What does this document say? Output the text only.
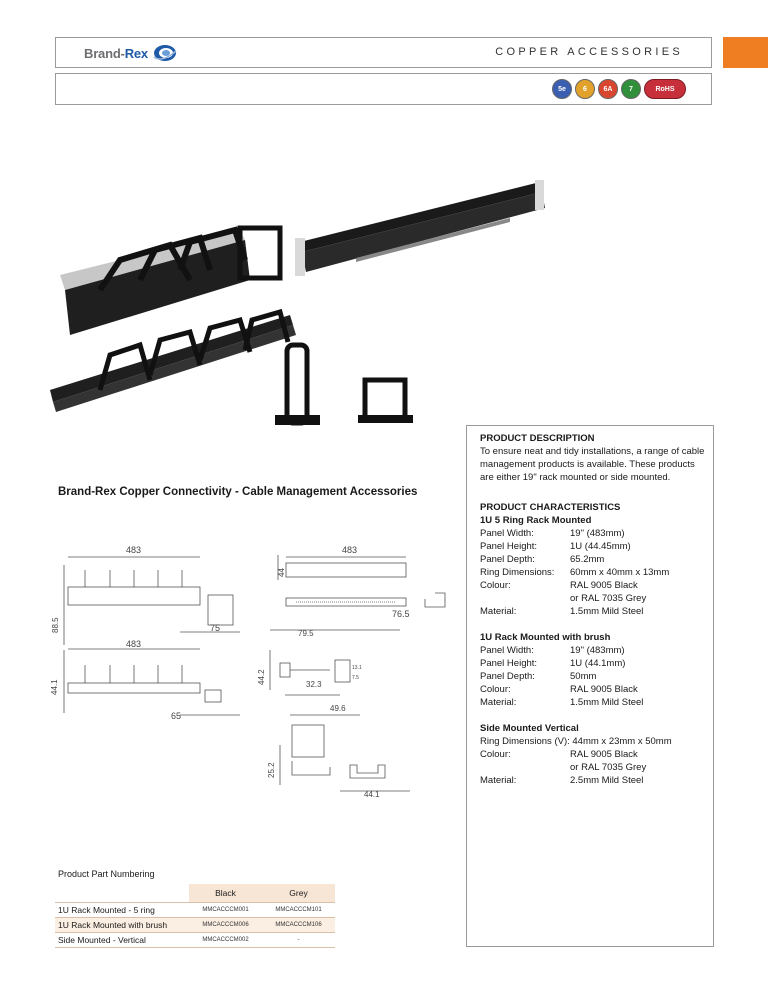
Brand-Rex	COPPER ACCESSORIES
5e	6	6A	7	RoHS
Brand-Rex Copper Connectivity - Cable Management Accessories
483
88.5	75
483
44
76.5
79.5
483
44.1
65
44.2	32.3
13.1
7.5
49.6
25.2
44.1
PRODUCT DESCRIPTION
To ensure neat and tidy installations, a range of cable management products is available. These products are either 19" rack mounted or side mounted.
PRODUCT CHARACTERISTICS
1U 5 Ring Rack Mounted
Panel Width:	19" (483mm)
Panel Height:	1U (44.45mm)
Panel Depth:	65.2mm
Ring Dimensions:	60mm x 40mm x 13mm
Colour:	RAL 9005 Black
or RAL 7035 Grey
Material:	1.5mm Mild Steel
1U Rack Mounted with brush
Panel Width:	19" (483mm)
Panel Height:	1U (44.1mm)
Panel Depth:	50mm
Colour:	RAL 9005 Black
Material:	1.5mm Mild Steel
Side Mounted Vertical
Ring Dimensions (V): 44mm x 23mm x 50mm
Colour:	RAL 9005 Black
or RAL 7035 Grey
Material:	2.5mm Mild Steel
Product Part Numbering
	Black	Grey
1U Rack Mounted - 5 ring	MMCACCCM001	MMCACCCM101
1U Rack Mounted with brush	MMCACCCM006	MMCACCCM106
Side Mounted - Vertical	MMCACCCM002	-
